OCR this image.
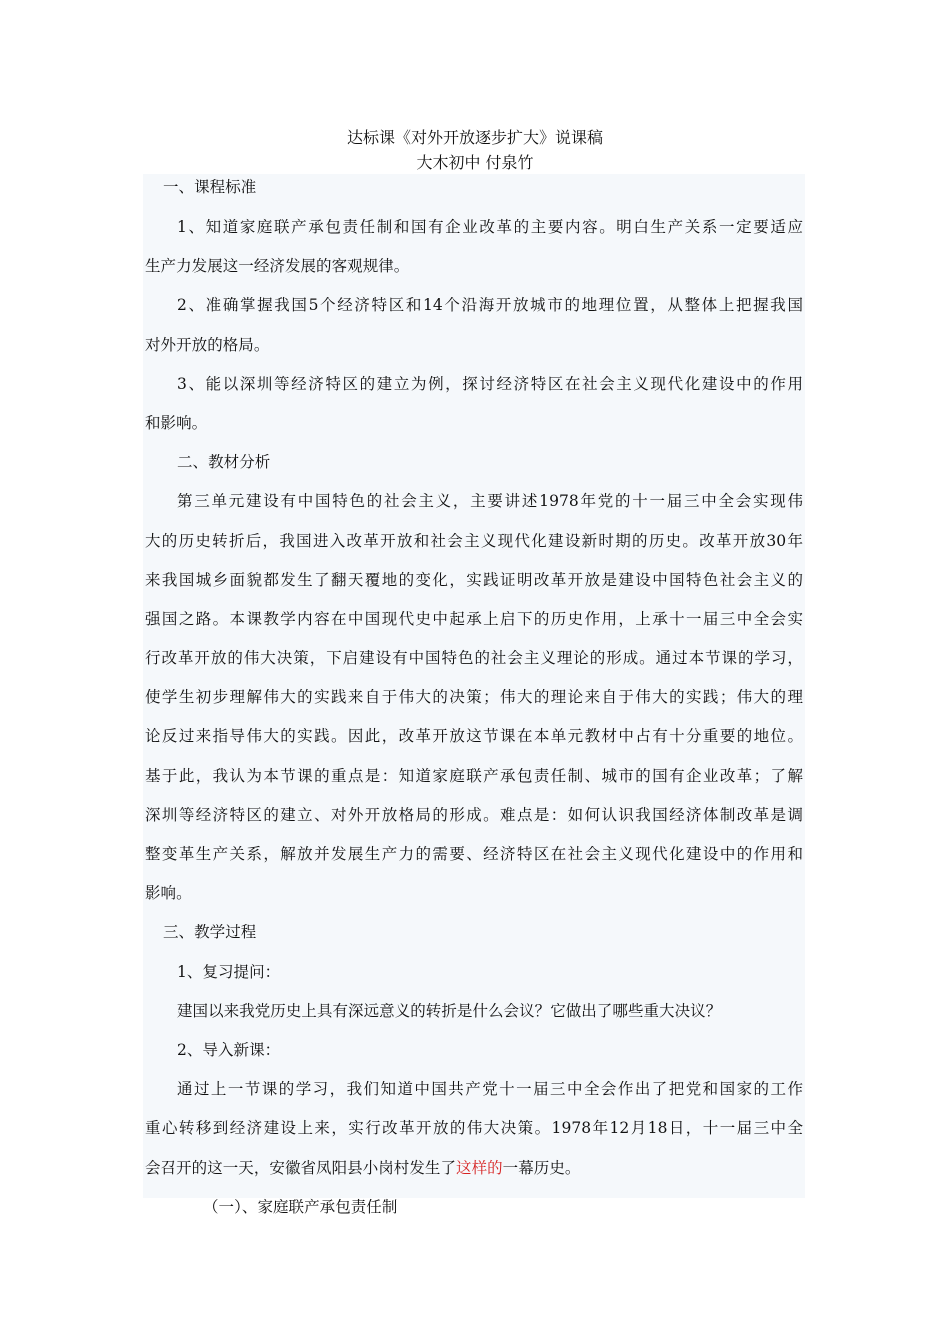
达标课《对外开放逐步扩大》说课稿

大木初中 付泉竹

一、课程标准
1、知道家庭联产承包责任制和国有企业改革的主要内容。明白生产关系一定要适应
生产力发展这一经济发展的客观规律。
2、准确掌握我国5个经济特区和14个沿海开放城市的地理位置，从整体上把握我国
对外开放的格局。
3、能以深圳等经济特区的建立为例，探讨经济特区在社会主义现代化建设中的作用
和影响。
二、教材分析
第三单元建设有中国特色的社会主义，主要讲述1978年党的十一届三中全会实现伟
大的历史转折后，我国进入改革开放和社会主义现代化建设新时期的历史。改革开放30年
来我国城乡面貌都发生了翻天覆地的变化，实践证明改革开放是建设中国特色社会主义的
强国之路。本课教学内容在中国现代史中起承上启下的历史作用，上承十一届三中全会实
行改革开放的伟大决策，下启建设有中国特色的社会主义理论的形成。通过本节课的学习，
使学生初步理解伟大的实践来自于伟大的决策；伟大的理论来自于伟大的实践；伟大的理
论反过来指导伟大的实践。因此，改革开放这节课在本单元教材中占有十分重要的地位。
基于此，我认为本节课的重点是：知道家庭联产承包责任制、城市的国有企业改革；了解
深圳等经济特区的建立、对外开放格局的形成。难点是：如何认识我国经济体制改革是调
整变革生产关系，解放并发展生产力的需要、经济特区在社会主义现代化建设中的作用和
影响。
三、教学过程
1、复习提问：
建国以来我党历史上具有深远意义的转折是什么会议？它做出了哪些重大决议？
2、导入新课：
通过上一节课的学习，我们知道中国共产党十一届三中全会作出了把党和国家的工作
重心转移到经济建设上来，实行改革开放的伟大决策。1978年12月18日，十一届三中全
会召开的这一天，安徽省凤阳县小岗村发生了这样的一幕历史。
（一）、家庭联产承包责任制
